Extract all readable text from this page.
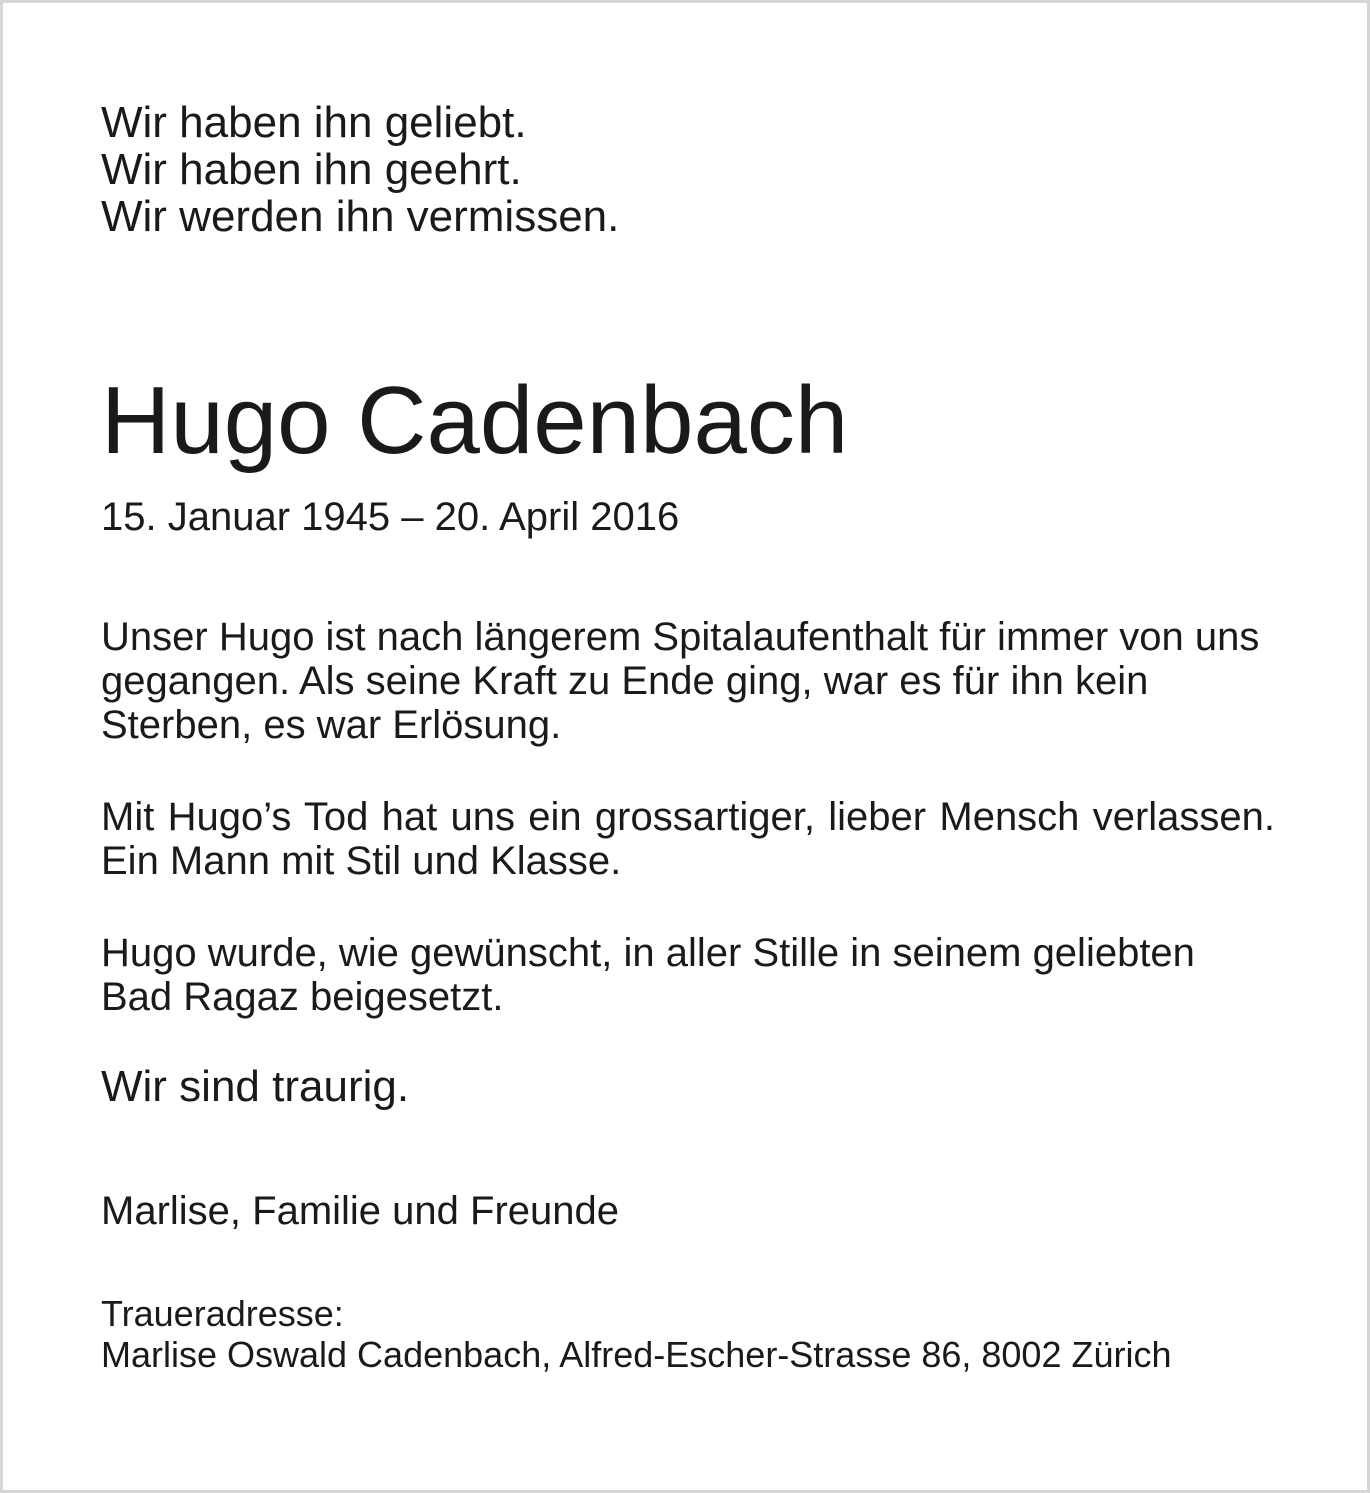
Wir haben ihn geliebt.

Wir haben ihn geehrt.

Wir werden ihn vermissen.

Hugo Cadenbach

15. Januar 1945 – 20. April 2016

Unser Hugo ist nach längerem Spitalaufenthalt für immer von uns gegangen. Als seine Kraft zu Ende ging, war es für ihn kein Sterben, es war Erlösung.

Mit Hugo’s Tod hat uns ein grossartiger, lieber Mensch verlassen. Ein Mann mit Stil und Klasse.

Hugo wurde, wie gewünscht, in aller Stille in seinem geliebten Bad Ragaz beigesetzt.

Wir sind traurig.

Marlise, Familie und Freunde

Traueradresse:

Marlise Oswald Cadenbach, Alfred-Escher-Strasse 86, 8002 Zürich
